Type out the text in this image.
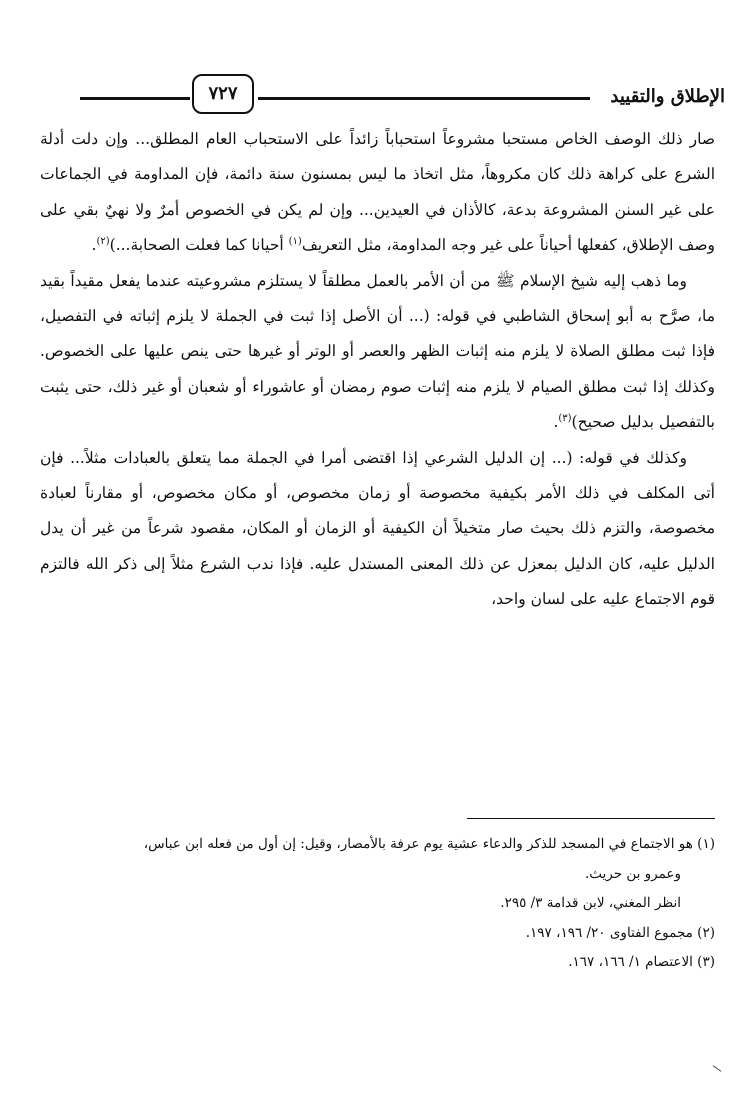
الإطلاق والتقييد
٧٢٧

صار ذلك الوصف الخاص مستحبا مشروعاً استحباباً زائداً على الاستحباب العام المطلق... وإن دلت أدلة الشرع على كراهة ذلك كان مكروهاً، مثل اتخاذ ما ليس بمسنون سنة دائمة، فإن المداومة في الجماعات على غير السنن المشروعة بدعة، كالأذان في العيدين... وإن لم يكن في الخصوص أمرٌ ولا نهيٌ بقي على وصف الإطلاق، كفعلها أحياناً على غير وجه المداومة، مثل التعريف$^{(١)}$ أحيانا كما فعلت الصحابة...)$^{(٢)}$.

وما ذهب إليه شيخ الإسلام ﷺ من أن الأمر بالعمل مطلقاً لا يستلزم مشروعيته عندما يفعل مقيداً بقيد ما، صرَّح به أبو إسحاق الشاطبي في قوله: (... أن الأصل إذا ثبت في الجملة لا يلزم إثباته في التفصيل، فإذا ثبت مطلق الصلاة لا يلزم منه إثبات الظهر والعصر أو الوتر أو غيرها حتى ينص عليها على الخصوص. وكذلك إذا ثبت مطلق الصيام لا يلزم منه إثبات صوم رمضان أو عاشوراء أو شعبان أو غير ذلك، حتى يثبت بالتفصيل بدليل صحيح)$^{(٣)}$.

وكذلك في قوله: (... إن الدليل الشرعي إذا اقتضى أمرا في الجملة مما يتعلق بالعبادات مثلاً... فإن أتى المكلف في ذلك الأمر بكيفية مخصوصة أو زمان مخصوص، أو مكان مخصوص، أو مقارناً لعبادة مخصوصة، والتزم ذلك بحيث صار متخيلاً أن الكيفية أو الزمان أو المكان، مقصود شرعاً من غير أن يدل الدليل عليه، كان الدليل بمعزل عن ذلك المعنى المستدل عليه. فإذا ندب الشرع مثلاً إلى ذكر الله فالتزم قوم الاجتماع عليه على لسان واحد،

(١) هو الاجتماع في المسجد للذكر والدعاء عشية يوم عرفة بالأمصار، وقيل: إن أول من فعله ابن عباس،

وعمرو بن حريث.

انظر المغني، لابن قدامة ٣/ ٢٩٥.

(٢) مجموع الفتاوى ٢٠/ ١٩٦، ١٩٧.

(٣) الاعتصام ١/ ١٦٦، ١٦٧.
